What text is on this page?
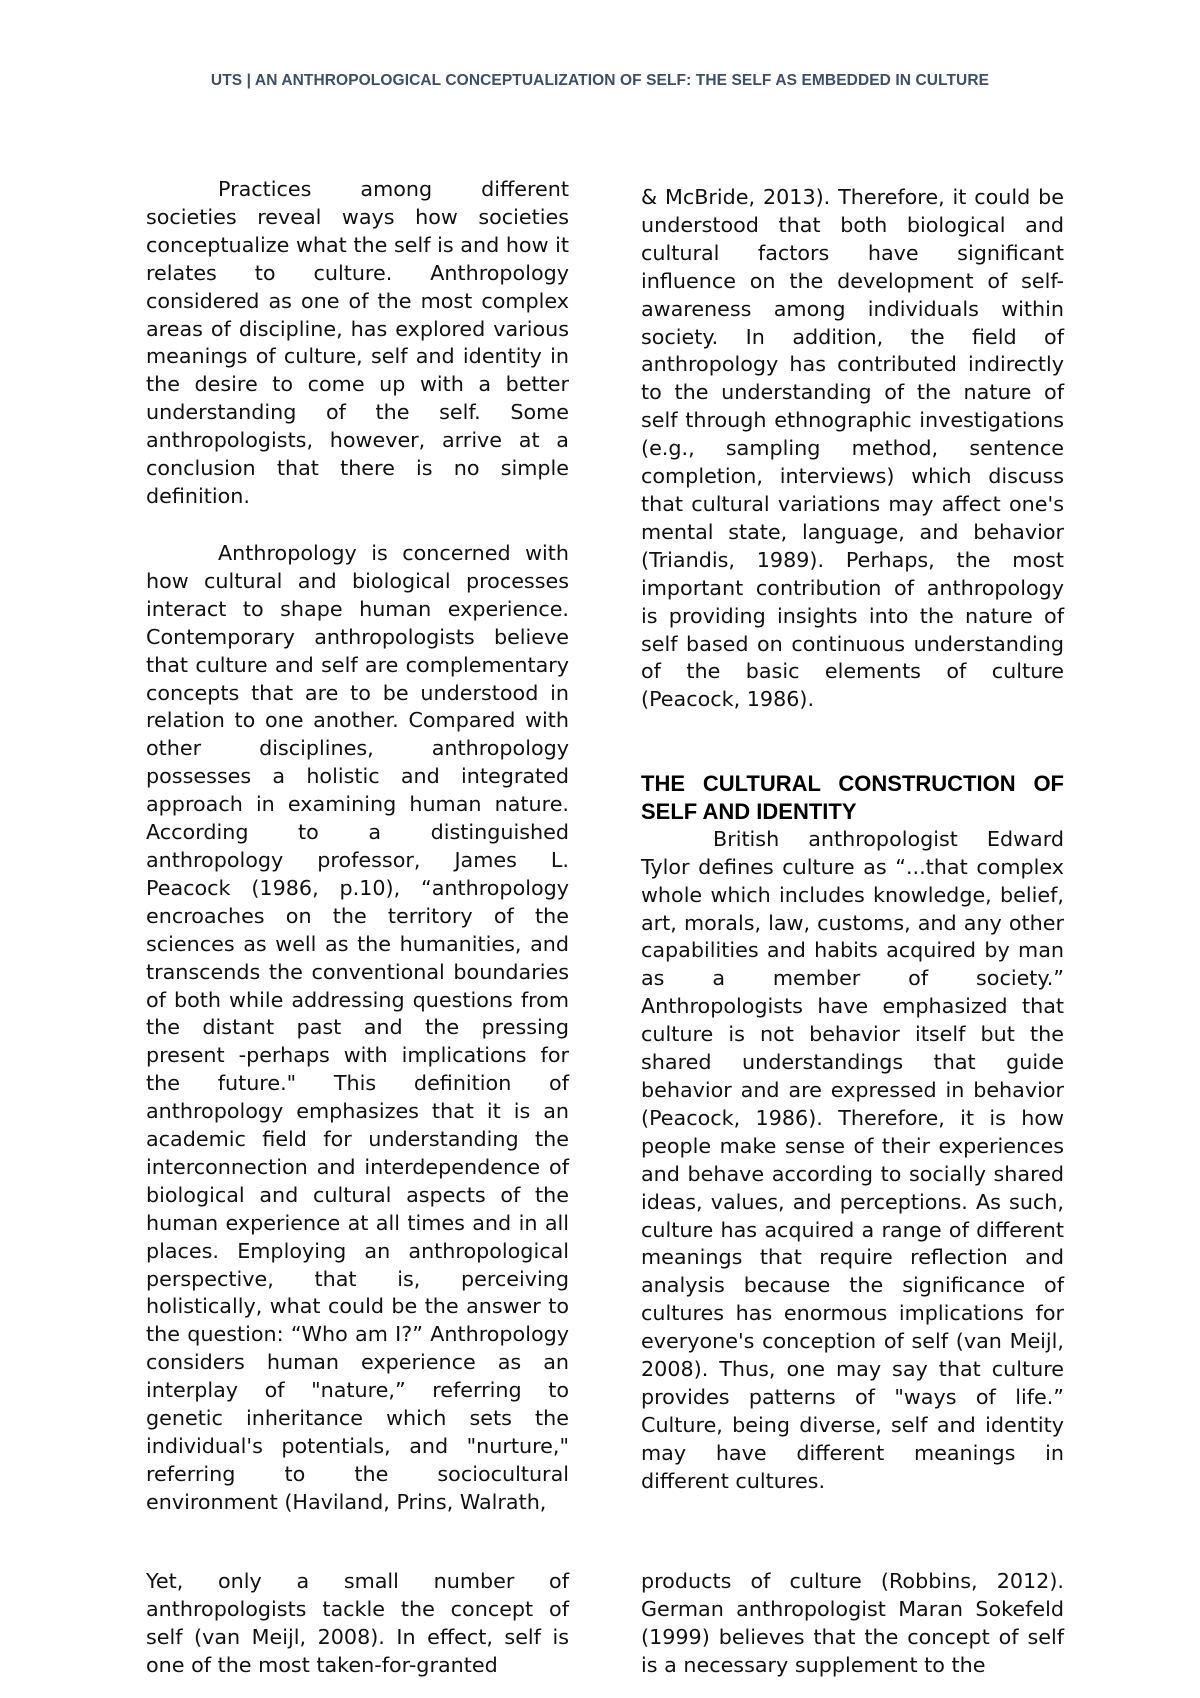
UTS | AN ANTHROPOLOGICAL CONCEPTUALIZATION OF SELF: THE SELF AS EMBEDDED IN CULTURE

Practices among different societies reveal ways how societies conceptualize what the self is and how it relates to culture. Anthropology considered as one of the most complex areas of discipline, has explored various meanings of culture, self and identity in the desire to come up with a better understanding of the self. Some anthropologists, however, arrive at a conclusion that there is no simple definition.

Anthropology is concerned with how cultural and biological processes interact to shape human experience. Contemporary anthropologists believe that culture and self are complementary concepts that are to be understood in relation to one another. Compared with other disciplines, anthropology possesses a holistic and integrated approach in examining human nature. According to a distinguished anthropology professor, James L. Peacock (1986, p.10), “anthropology encroaches on the territory of the sciences as well as the humanities, and transcends the conventional boundaries of both while addressing questions from the distant past and the pressing present -perhaps with implications for the future." This definition of anthropology emphasizes that it is an academic field for understanding the interconnection and interdependence of biological and cultural aspects of the human experience at all times and in all places. Employing an anthropological perspective, that is, perceiving holistically, what could be the answer to the question: “Who am I?” Anthropology considers human experience as an interplay of "nature,” referring to genetic inheritance which sets the individual's potentials, and "nurture," referring to the sociocultural environment (Haviland, Prins, Walrath,

Yet, only a small number of anthropologists tackle the concept of self (van Meijl, 2008). In effect, self is one of the most taken-for-granted

& McBride, 2013). Therefore, it could be understood that both biological and cultural factors have significant influence on the development of self-awareness among individuals within society. In addition, the field of anthropology has contributed indirectly to the understanding of the nature of self through ethnographic investigations (e.g., sampling method, sentence completion, interviews) which discuss that cultural variations may affect one's mental state, language, and behavior (Triandis, 1989). Perhaps, the most important contribution of anthropology is providing insights into the nature of self based on continuous understanding of the basic elements of culture (Peacock, 1986).

THE CULTURAL CONSTRUCTION OF SELF AND IDENTITY

British anthropologist Edward Tylor defines culture as “...that complex whole which includes knowledge, belief, art, morals, law, customs, and any other capabilities and habits acquired by man as a member of society.” Anthropologists have emphasized that culture is not behavior itself but the shared understandings that guide behavior and are expressed in behavior (Peacock, 1986). Therefore, it is how people make sense of their experiences and behave according to socially shared ideas, values, and perceptions. As such, culture has acquired a range of different meanings that require reflection and analysis because the significance of cultures has enormous implications for everyone's conception of self (van Meijl, 2008). Thus, one may say that culture provides patterns of "ways of life.” Culture, being diverse, self and identity may have different meanings in different cultures.

products of culture (Robbins, 2012). German anthropologist Maran Sokefeld (1999) believes that the concept of self is a necessary supplement to the
